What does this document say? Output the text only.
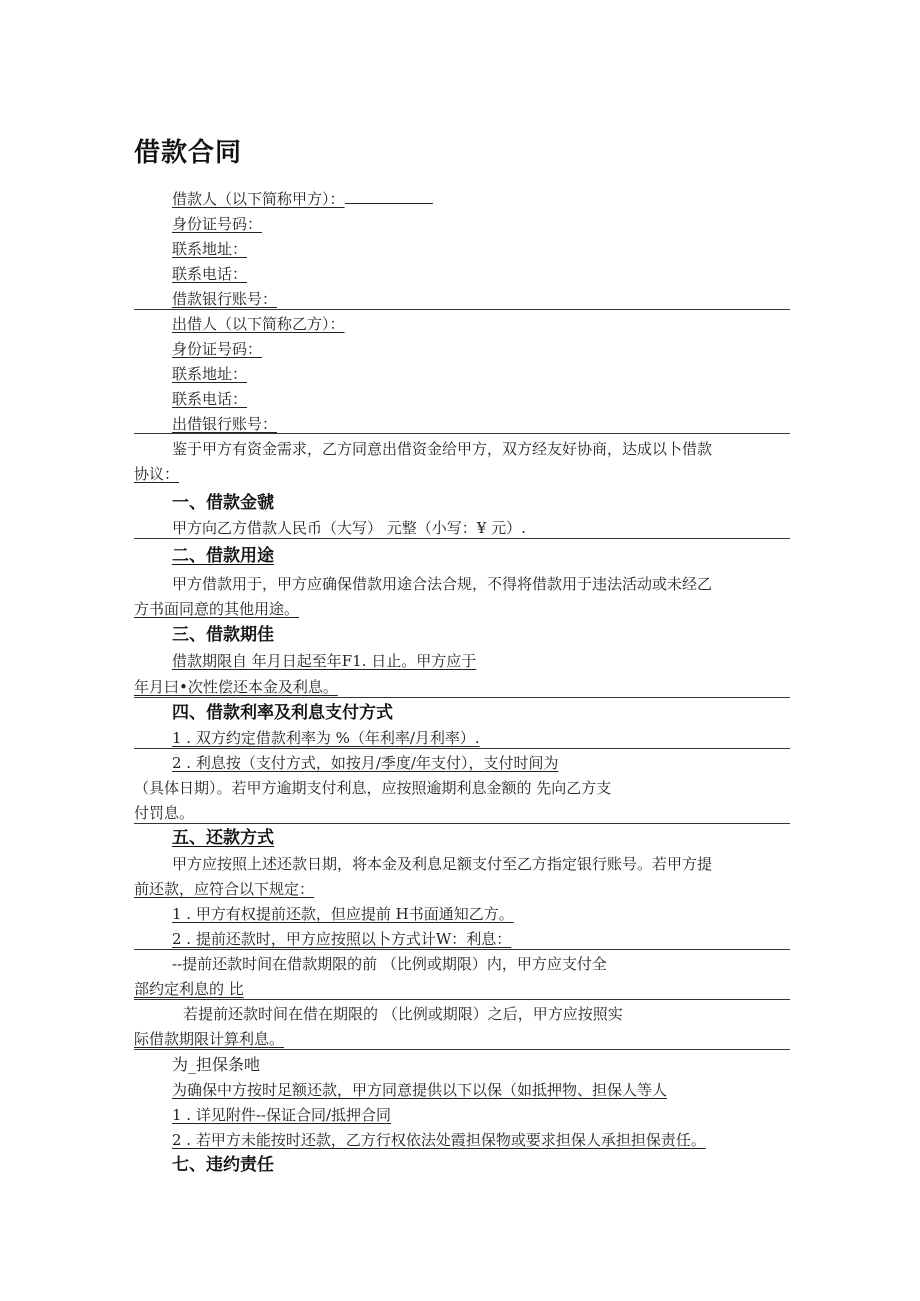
借款合同
借款人（以下简称甲方）：
身份证号码：
联系地址：
联系电话：
借款银行账号：
出借人（以下简称乙方）：
身份证号码：
联系地址：
联系电话：
出借银行账号：
鉴于甲方有资金需求，乙方同意出借资金给甲方，双方经友好协商，达成以卜借款
协议：
一、借款金虢
甲方向乙方借款人民币（大写） 元整（小写：¥ 元）.
二、借款用途
甲方借款用于，甲方应确保借款用途合法合规，不得将借款用于违法活动或未经乙
方书面同意的其他用途。
三、借款期佳
借款期限自 年月日起至年F1. 日止。甲方应于
年月曰•次性偿还本金及利息。
四、借款利率及利息支付方式
1 . 双方约定借款利率为 %（年利率/月利率）.
2 . 利息按（支付方式，如按月/季度/年支付），支付时间为
（具体日期）。若甲方逾期支付利息，应按照逾期利息金额的 先向乙方支
付罚息。
五、还款方式
甲方应按照上述还款日期，将本金及利息足额支付至乙方指定银行账号。若甲方提
前还款，应符合以下规定：
1 . 甲方有权提前还款，但应提前 H书面通知乙方。
2 . 提前还款时，甲方应按照以卜方式计W：利息：
--提前还款时间在借款期限的前 （比例或期限）内，甲方应支付全
部约定利息的 比
若提前还款时间在借在期限的 （比例或期限）之后，甲方应按照实
际借款期限计算利息。
为_担保条吔
为确保中方按时足额还款，甲方同意提供以下以保（如抵押物、担保人等人
1 . 详见附件--保证合同/抵押合同
2 . 若甲方未能按时还款，乙方行权依法处霞担保物或要求担保人承担担保责任。
七、违约责任
